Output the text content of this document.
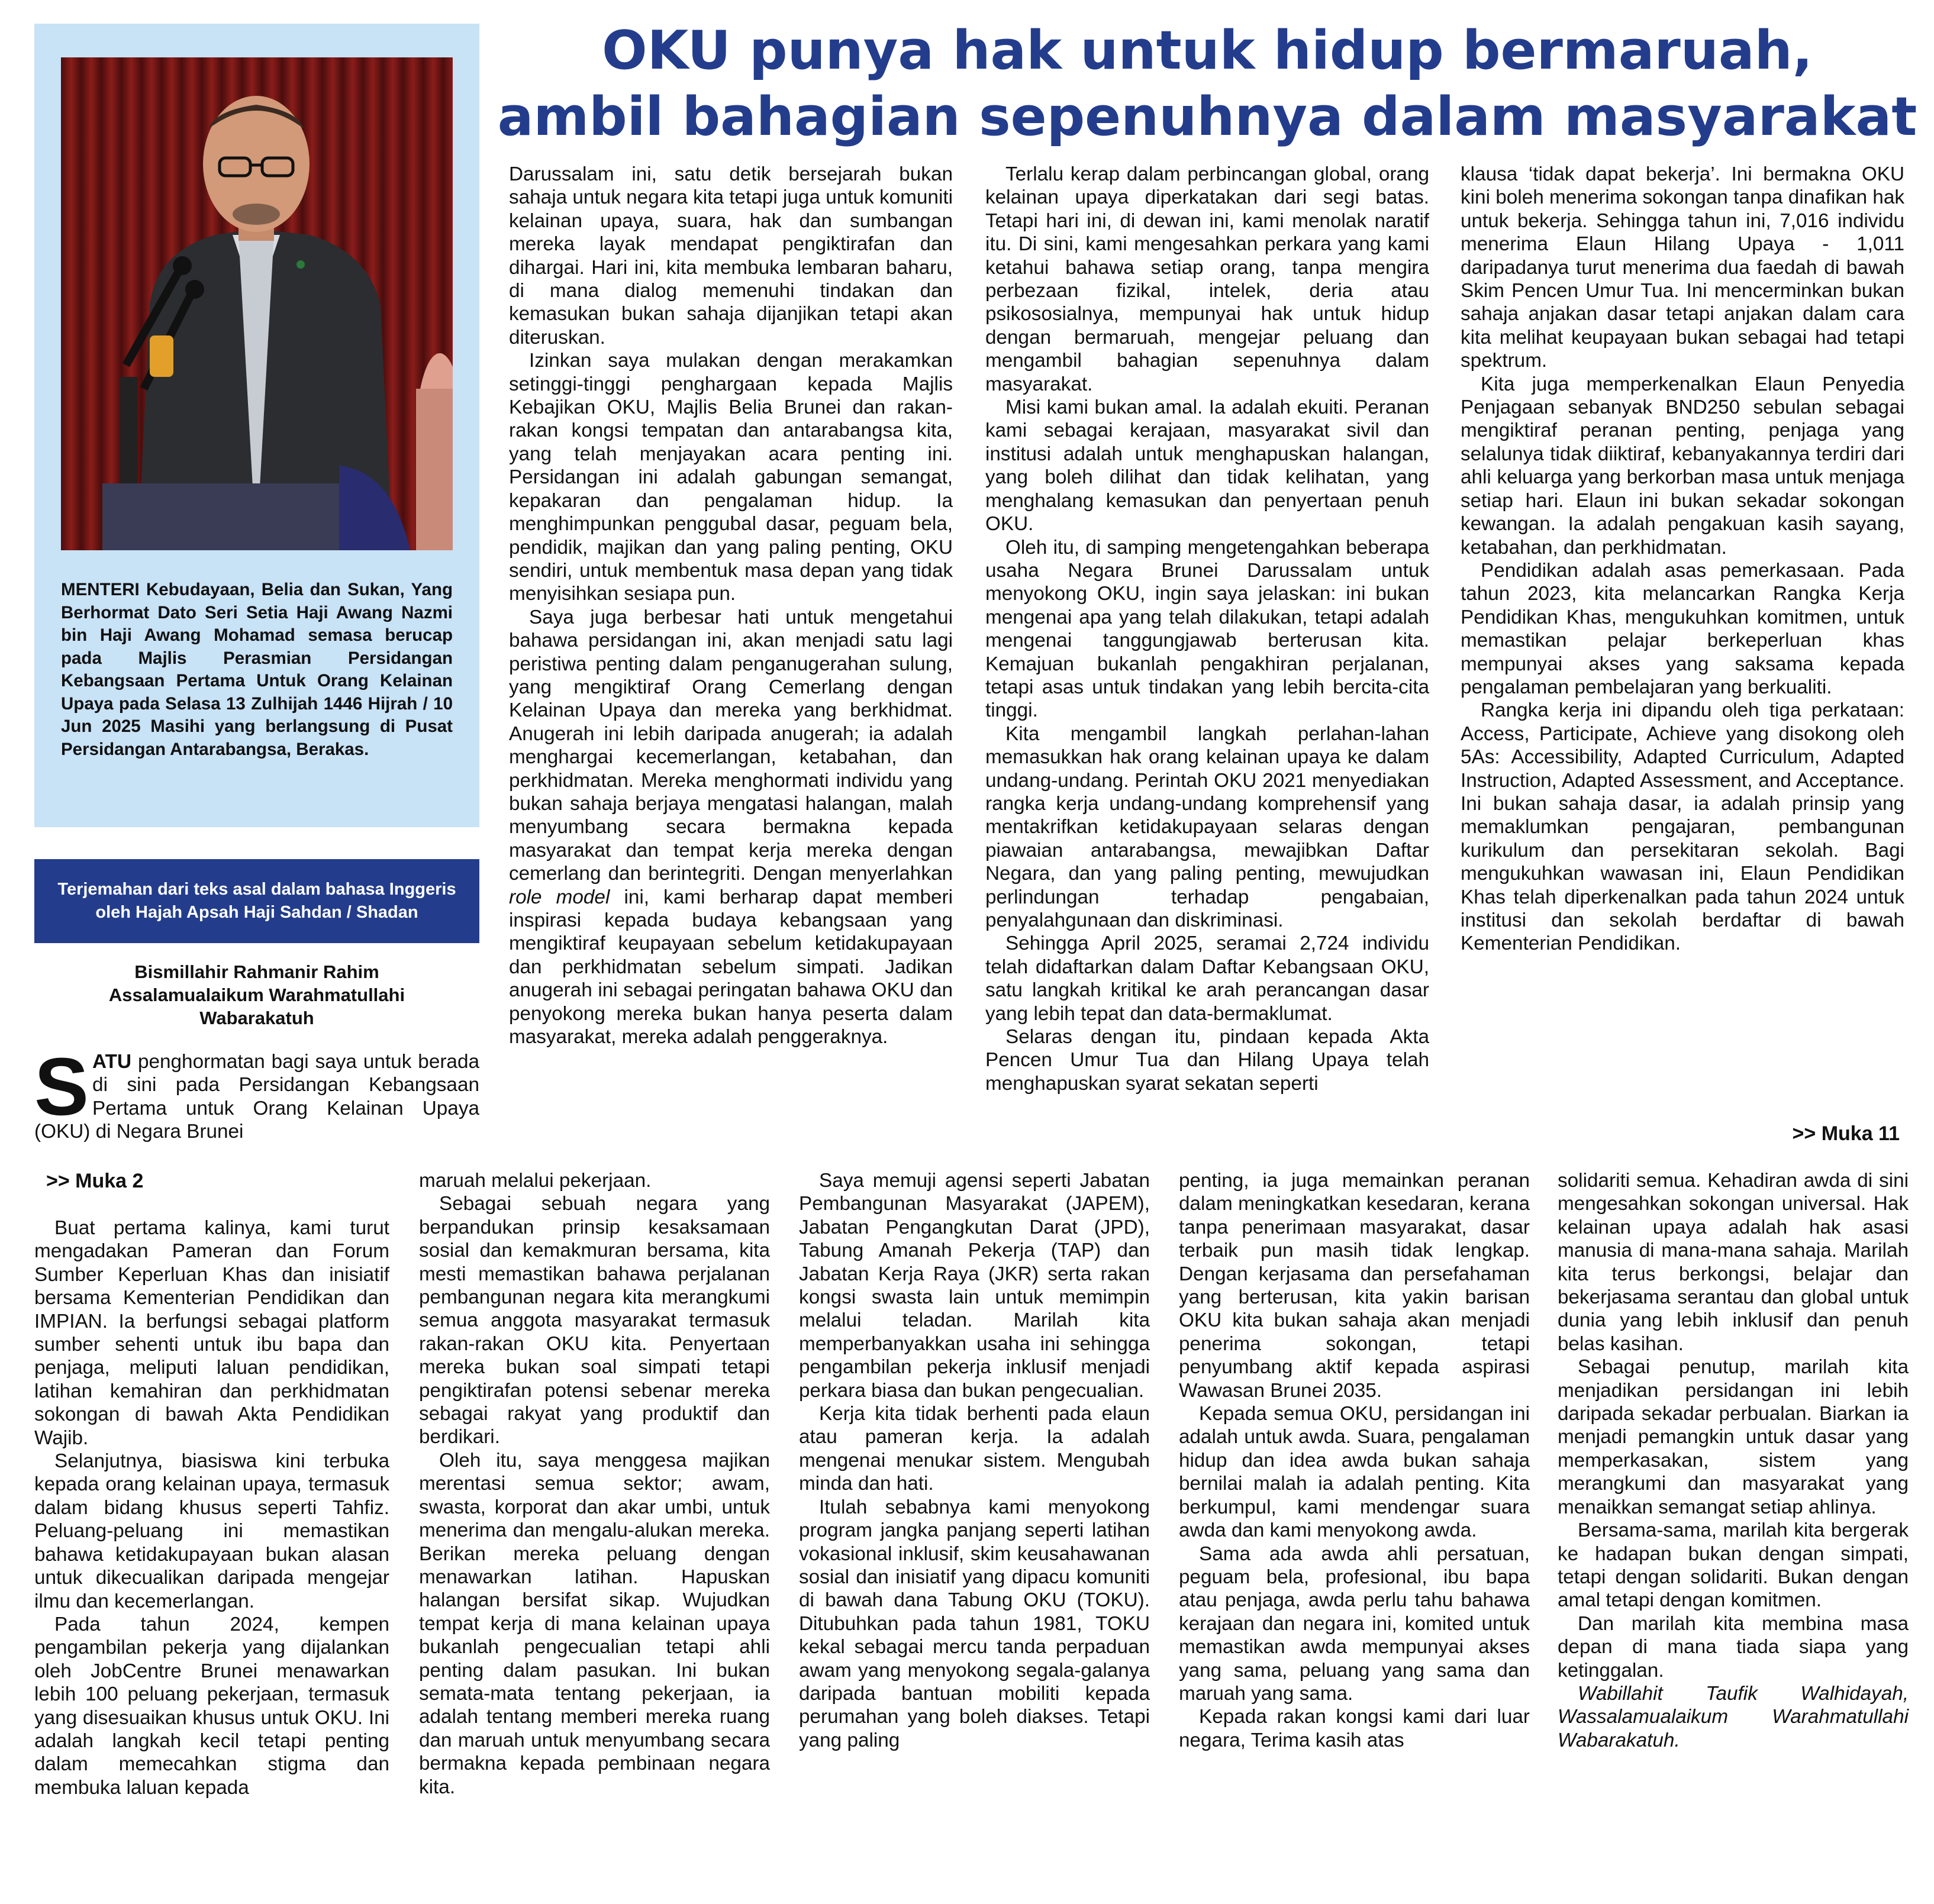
OKU punya hak untuk hidup bermaruah,
ambil bahagian sepenuhnya dalam masyarakat

MENTERI Kebudayaan, Belia dan Sukan, Yang Berhormat Dato Seri Setia Haji Awang Nazmi bin Haji Awang Mohamad semasa berucap pada Majlis Perasmian Persidangan Kebangsaan Pertama Untuk Orang Kelainan Upaya pada Selasa 13 Zulhijah 1446 Hijrah / 10 Jun 2025 Masihi yang berlangsung di Pusat Persidangan Antarabangsa, Berakas.

Terjemahan dari teks asal dalam bahasa Inggeris oleh Hajah Apsah Haji Sahdan / Shadan

Bismillahir Rahmanir Rahim
Assalamualaikum Warahmatullahi
Wabarakatuh

S ATU penghormatan bagi saya untuk berada di sini pada Persidangan Kebangsaan Pertama untuk Orang Kelainan Upaya (OKU) di Negara Brunei

Darussalam ini, satu detik bersejarah bukan sahaja untuk negara kita tetapi juga untuk komuniti kelainan upaya, suara, hak dan sumbangan mereka layak mendapat pengiktirafan dan dihargai. Hari ini, kita membuka lembaran baharu, di mana dialog memenuhi tindakan dan kemasukan bukan sahaja dijanjikan tetapi akan diteruskan.

Izinkan saya mulakan dengan merakamkan setinggi-tinggi penghargaan kepada Majlis Kebajikan OKU, Majlis Belia Brunei dan rakan-rakan kongsi tempatan dan antarabangsa kita, yang telah menjayakan acara penting ini. Persidangan ini adalah gabungan semangat, kepakaran dan pengalaman hidup. Ia menghimpunkan penggubal dasar, peguam bela, pendidik, majikan dan yang paling penting, OKU sendiri, untuk membentuk masa depan yang tidak menyisihkan sesiapa pun.

Saya juga berbesar hati untuk mengetahui bahawa persidangan ini, akan menjadi satu lagi peristiwa penting dalam penganugerahan sulung, yang mengiktiraf Orang Cemerlang dengan Kelainan Upaya dan mereka yang berkhidmat. Anugerah ini lebih daripada anugerah; ia adalah menghargai kecemerlangan, ketabahan, dan perkhidmatan. Mereka menghormati individu yang bukan sahaja berjaya mengatasi halangan, malah menyumbang secara bermakna kepada masyarakat dan tempat kerja mereka dengan cemerlang dan berintegriti. Dengan menyerlahkan role model ini, kami berharap dapat memberi inspirasi kepada budaya kebangsaan yang mengiktiraf keupayaan sebelum ketidakupayaan dan perkhidmatan sebelum simpati. Jadikan anugerah ini sebagai peringatan bahawa OKU dan penyokong mereka bukan hanya peserta dalam masyarakat, mereka adalah penggeraknya.

Terlalu kerap dalam perbincangan global, orang kelainan upaya diperkatakan dari segi batas. Tetapi hari ini, di dewan ini, kami menolak naratif itu. Di sini, kami mengesahkan perkara yang kami ketahui bahawa setiap orang, tanpa mengira perbezaan fizikal, intelek, deria atau psikososialnya, mempunyai hak untuk hidup dengan bermaruah, mengejar peluang dan mengambil bahagian sepenuhnya dalam masyarakat.

Misi kami bukan amal. Ia adalah ekuiti. Peranan kami sebagai kerajaan, masyarakat sivil dan institusi adalah untuk menghapuskan halangan, yang boleh dilihat dan tidak kelihatan, yang menghalang kemasukan dan penyertaan penuh OKU.

Oleh itu, di samping mengetengahkan beberapa usaha Negara Brunei Darussalam untuk menyokong OKU, ingin saya jelaskan: ini bukan mengenai apa yang telah dilakukan, tetapi adalah mengenai tanggungjawab berterusan kita. Kemajuan bukanlah pengakhiran perjalanan, tetapi asas untuk tindakan yang lebih bercita-cita tinggi.

Kita mengambil langkah perlahan-lahan memasukkan hak orang kelainan upaya ke dalam undang-undang. Perintah OKU 2021 menyediakan rangka kerja undang-undang komprehensif yang mentakrifkan ketidakupayaan selaras dengan piawaian antarabangsa, mewajibkan Daftar Negara, dan yang paling penting, mewujudkan perlindungan terhadap pengabaian, penyalahgunaan dan diskriminasi.

Sehingga April 2025, seramai 2,724 individu telah didaftarkan dalam Daftar Kebangsaan OKU, satu langkah kritikal ke arah perancangan dasar yang lebih tepat dan data-bermaklumat.

Selaras dengan itu, pindaan kepada Akta Pencen Umur Tua dan Hilang Upaya telah menghapuskan syarat sekatan seperti

klausa ‘tidak dapat bekerja’. Ini bermakna OKU kini boleh menerima sokongan tanpa dinafikan hak untuk bekerja. Sehingga tahun ini, 7,016 individu menerima Elaun Hilang Upaya - 1,011 daripadanya turut menerima dua faedah di bawah Skim Pencen Umur Tua. Ini mencerminkan bukan sahaja anjakan dasar tetapi anjakan dalam cara kita melihat keupayaan bukan sebagai had tetapi spektrum.

Kita juga memperkenalkan Elaun Penyedia Penjagaan sebanyak BND250 sebulan sebagai mengiktiraf peranan penting, penjaga yang selalunya tidak diiktiraf, kebanyakannya terdiri dari ahli keluarga yang berkorban masa untuk menjaga setiap hari. Elaun ini bukan sekadar sokongan kewangan. Ia adalah pengakuan kasih sayang, ketabahan, dan perkhidmatan.

Pendidikan adalah asas pemerkasaan. Pada tahun 2023, kita melancarkan Rangka Kerja Pendidikan Khas, mengukuhkan komitmen, untuk memastikan pelajar berkeperluan khas mempunyai akses yang saksama kepada pengalaman pembelajaran yang berkualiti.

Rangka kerja ini dipandu oleh tiga perkataan: Access, Participate, Achieve yang disokong oleh 5As: Accessibility, Adapted Curriculum, Adapted Instruction, Adapted Assessment, and Acceptance. Ini bukan sahaja dasar, ia adalah prinsip yang memaklumkan pengajaran, pembangunan kurikulum dan persekitaran sekolah. Bagi mengukuhkan wawasan ini, Elaun Pendidikan Khas telah diperkenalkan pada tahun 2024 untuk institusi dan sekolah berdaftar di bawah Kementerian Pendidikan.

>> Muka 2
>> Muka 11

Buat pertama kalinya, kami turut mengadakan Pameran dan Forum Sumber Keperluan Khas dan inisiatif bersama Kementerian Pendidikan dan IMPIAN. Ia berfungsi sebagai platform sumber sehenti untuk ibu bapa dan penjaga, meliputi laluan pendidikan, latihan kemahiran dan perkhidmatan sokongan di bawah Akta Pendidikan Wajib.

Selanjutnya, biasiswa kini terbuka kepada orang kelainan upaya, termasuk dalam bidang khusus seperti Tahfiz. Peluang-peluang ini memastikan bahawa ketidakupayaan bukan alasan untuk dikecualikan daripada mengejar ilmu dan kecemerlangan.

Pada tahun 2024, kempen pengambilan pekerja yang dijalankan oleh JobCentre Brunei menawarkan lebih 100 peluang pekerjaan, termasuk yang disesuaikan khusus untuk OKU. Ini adalah langkah kecil tetapi penting dalam memecahkan stigma dan membuka laluan kepada

maruah melalui pekerjaan.

Sebagai sebuah negara yang berpandukan prinsip kesaksamaan sosial dan kemakmuran bersama, kita mesti memastikan bahawa perjalanan pembangunan negara kita merangkumi semua anggota masyarakat termasuk rakan-rakan OKU kita. Penyertaan mereka bukan soal simpati tetapi pengiktirafan potensi sebenar mereka sebagai rakyat yang produktif dan berdikari.

Oleh itu, saya menggesa majikan merentasi semua sektor; awam, swasta, korporat dan akar umbi, untuk menerima dan mengalu-alukan mereka. Berikan mereka peluang dengan menawarkan latihan. Hapuskan halangan bersifat sikap. Wujudkan tempat kerja di mana kelainan upaya bukanlah pengecualian tetapi ahli penting dalam pasukan. Ini bukan semata-mata tentang pekerjaan, ia adalah tentang memberi mereka ruang dan maruah untuk menyumbang secara bermakna kepada pembinaan negara kita.

Saya memuji agensi seperti Jabatan Pembangunan Masyarakat (JAPEM), Jabatan Pengangkutan Darat (JPD), Tabung Amanah Pekerja (TAP) dan Jabatan Kerja Raya (JKR) serta rakan kongsi swasta lain untuk memimpin melalui teladan. Marilah kita memperbanyakkan usaha ini sehingga pengambilan pekerja inklusif menjadi perkara biasa dan bukan pengecualian.

Kerja kita tidak berhenti pada elaun atau pameran kerja. Ia adalah mengenai menukar sistem. Mengubah minda dan hati.

Itulah sebabnya kami menyokong program jangka panjang seperti latihan vokasional inklusif, skim keusahawanan sosial dan inisiatif yang dipacu komuniti di bawah dana Tabung OKU (TOKU). Ditubuhkan pada tahun 1981, TOKU kekal sebagai mercu tanda perpaduan awam yang menyokong segala-galanya daripada bantuan mobiliti kepada perumahan yang boleh diakses. Tetapi yang paling

penting, ia juga memainkan peranan dalam meningkatkan kesedaran, kerana tanpa penerimaan masyarakat, dasar terbaik pun masih tidak lengkap. Dengan kerjasama dan persefahaman yang berterusan, kita yakin barisan OKU kita bukan sahaja akan menjadi penerima sokongan, tetapi penyumbang aktif kepada aspirasi Wawasan Brunei 2035.

Kepada semua OKU, persidangan ini adalah untuk awda. Suara, pengalaman hidup dan idea awda bukan sahaja bernilai malah ia adalah penting. Kita berkumpul, kami mendengar suara awda dan kami menyokong awda.

Sama ada awda ahli persatuan, peguam bela, profesional, ibu bapa atau penjaga, awda perlu tahu bahawa kerajaan dan negara ini, komited untuk memastikan awda mempunyai akses yang sama, peluang yang sama dan maruah yang sama.

Kepada rakan kongsi kami dari luar negara, Terima kasih atas

solidariti semua. Kehadiran awda di sini mengesahkan sokongan universal. Hak kelainan upaya adalah hak asasi manusia di mana-mana sahaja. Marilah kita terus berkongsi, belajar dan bekerjasama serantau dan global untuk dunia yang lebih inklusif dan penuh belas kasihan.

Sebagai penutup, marilah kita menjadikan persidangan ini lebih daripada sekadar perbualan. Biarkan ia menjadi pemangkin untuk dasar yang memperkasakan, sistem yang merangkumi dan masyarakat yang menaikkan semangat setiap ahlinya.

Bersama-sama, marilah kita bergerak ke hadapan bukan dengan simpati, tetapi dengan solidariti. Bukan dengan amal tetapi dengan komitmen.

Dan marilah kita membina masa depan di mana tiada siapa yang ketinggalan.

Wabillahit Taufik Walhidayah, Wassalamualaikum Warahmatullahi Wabarakatuh.
